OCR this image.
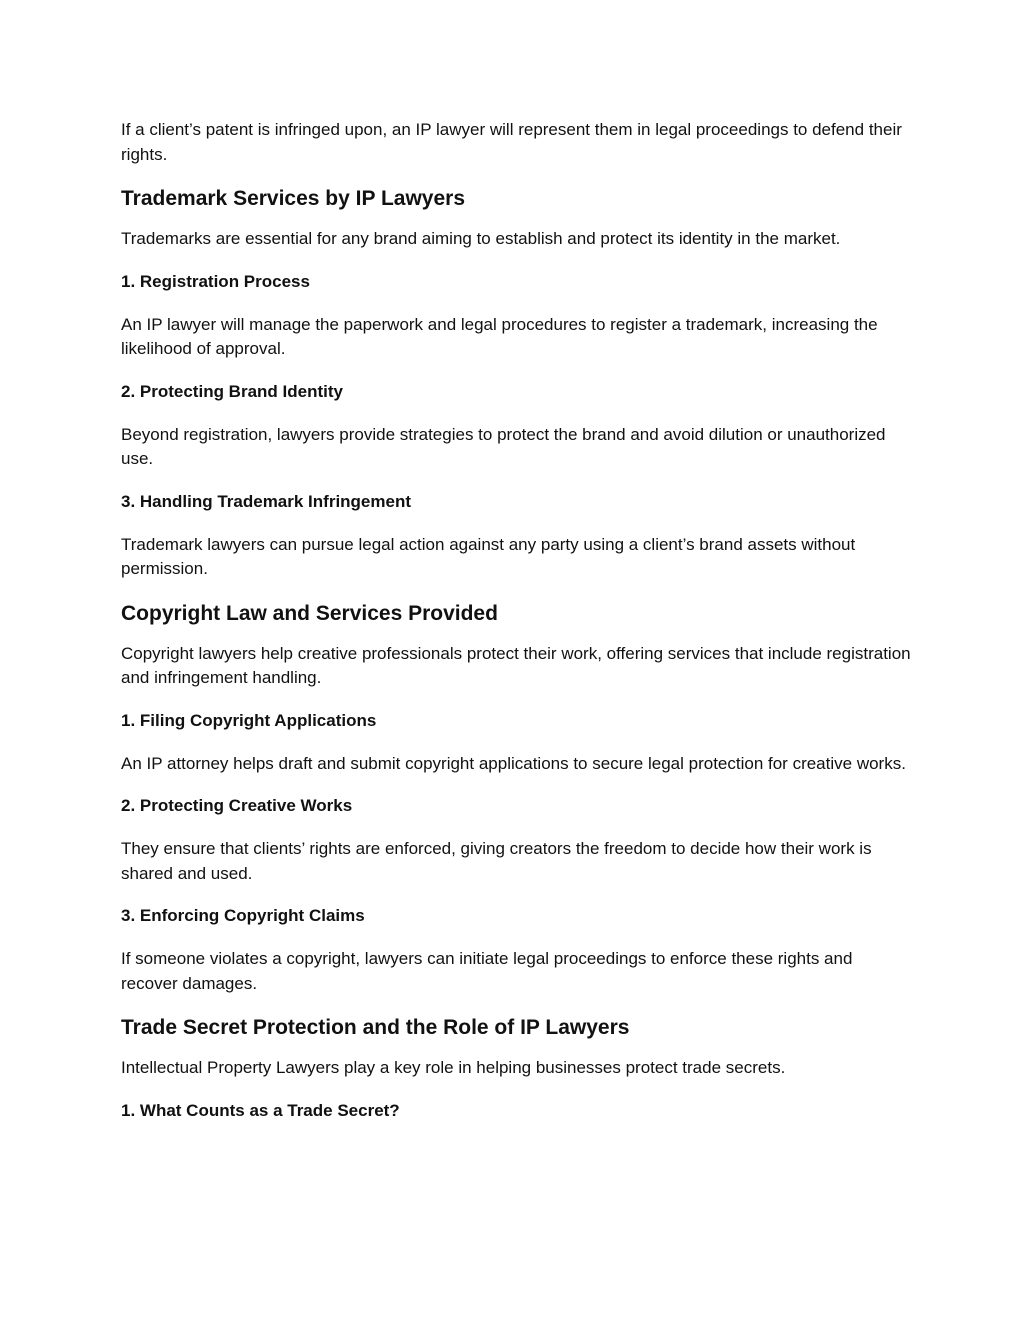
If a client’s patent is infringed upon, an IP lawyer will represent them in legal proceedings to defend their rights.

Trademark Services by IP Lawyers

Trademarks are essential for any brand aiming to establish and protect its identity in the market.

1. Registration Process

An IP lawyer will manage the paperwork and legal procedures to register a trademark, increasing the likelihood of approval.

2. Protecting Brand Identity

Beyond registration, lawyers provide strategies to protect the brand and avoid dilution or unauthorized use.

3. Handling Trademark Infringement

Trademark lawyers can pursue legal action against any party using a client’s brand assets without permission.

Copyright Law and Services Provided

Copyright lawyers help creative professionals protect their work, offering services that include registration and infringement handling.

1. Filing Copyright Applications

An IP attorney helps draft and submit copyright applications to secure legal protection for creative works.

2. Protecting Creative Works

They ensure that clients’ rights are enforced, giving creators the freedom to decide how their work is shared and used.

3. Enforcing Copyright Claims

If someone violates a copyright, lawyers can initiate legal proceedings to enforce these rights and recover damages.

Trade Secret Protection and the Role of IP Lawyers

Intellectual Property Lawyers play a key role in helping businesses protect trade secrets.

1. What Counts as a Trade Secret?
